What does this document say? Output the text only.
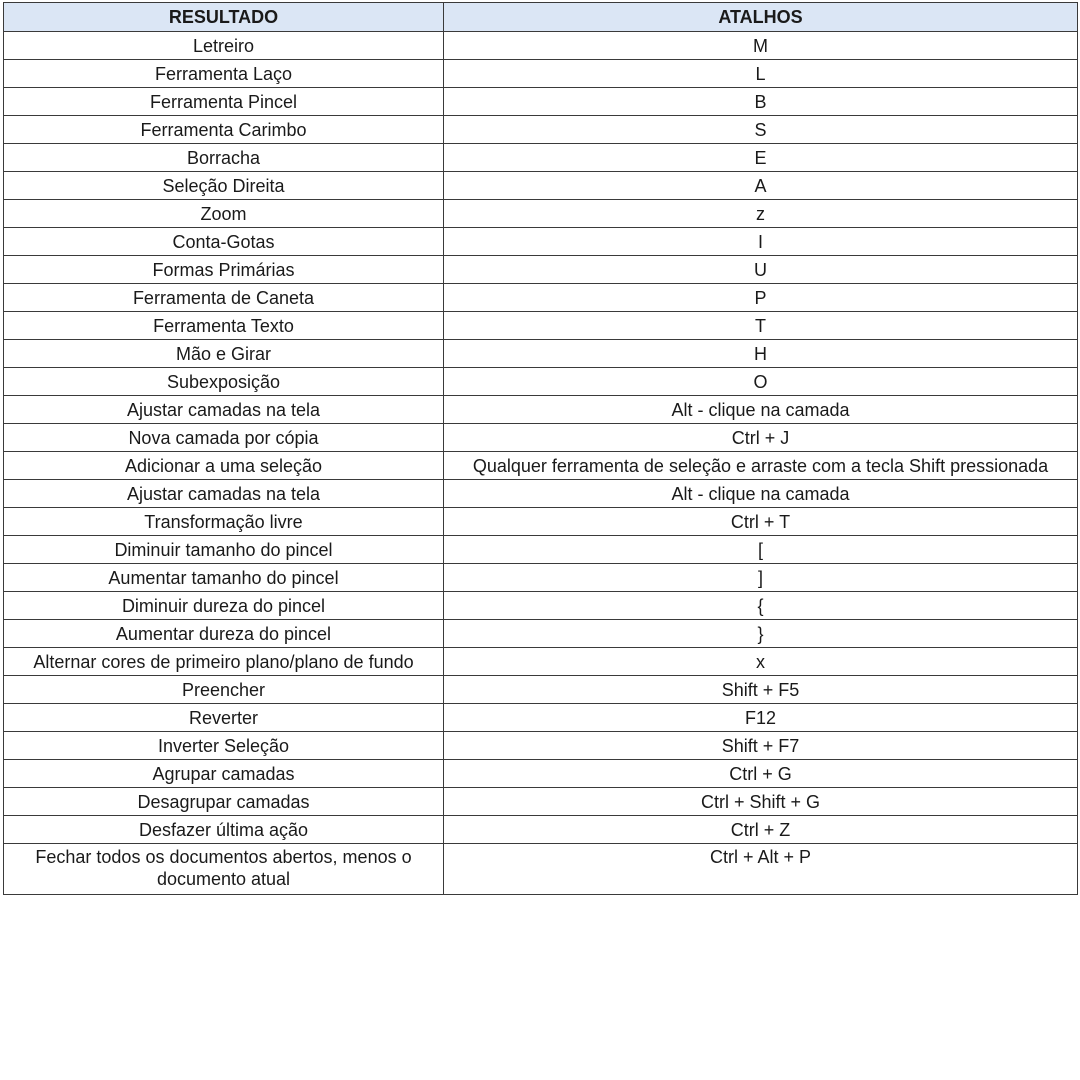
RESULTADO	ATALHOS
Letreiro	M
Ferramenta Laço	L
Ferramenta Pincel	B
Ferramenta Carimbo	S
Borracha	E
Seleção Direita	A
Zoom	z
Conta-Gotas	I
Formas Primárias	U
Ferramenta de Caneta	P
Ferramenta Texto	T
Mão e Girar	H
Subexposição	O
Ajustar camadas na tela	Alt - clique na camada
Nova camada por cópia	Ctrl + J
Adicionar a uma seleção	Qualquer ferramenta de seleção e arraste com a tecla Shift pressionada
Ajustar camadas na tela	Alt - clique na camada
Transformação livre	Ctrl + T
Diminuir tamanho do pincel	[
Aumentar tamanho do pincel	]
Diminuir dureza do pincel	{
Aumentar dureza do pincel	}
Alternar cores de primeiro plano/plano de fundo	x
Preencher	Shift + F5
Reverter	F12
Inverter Seleção	Shift + F7
Agrupar camadas	Ctrl + G
Desagrupar camadas	Ctrl + Shift + G
Desfazer última ação	Ctrl + Z
Fechar todos os documentos abertos, menos o documento atual	Ctrl + Alt + P
